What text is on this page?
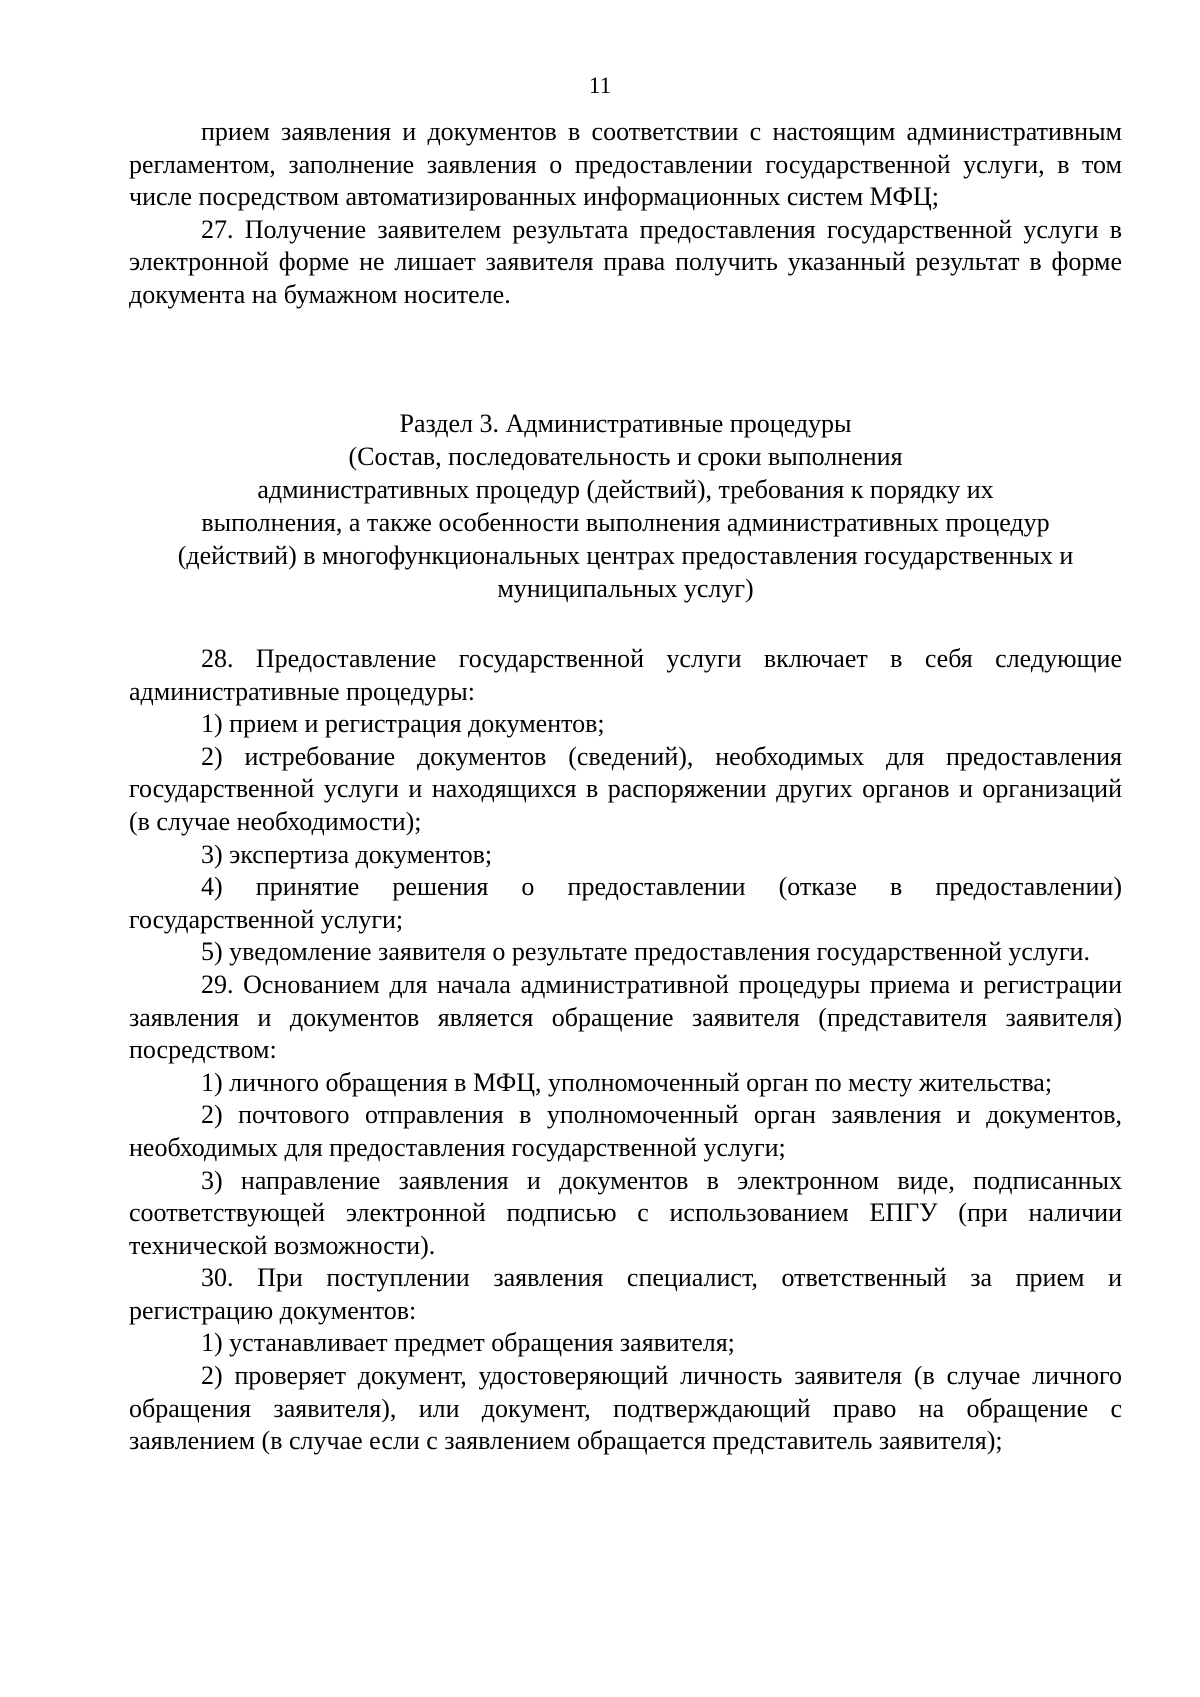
11

прием заявления и документов в соответствии с настоящим административным регламентом, заполнение заявления о предоставлении государственной услуги, в том числе посредством автоматизированных информационных систем МФЦ;

27. Получение заявителем результата предоставления государственной услуги в электронной форме не лишает заявителя права получить указанный результат в форме документа на бумажном носителе.

Раздел 3. Административные процедуры
(Состав, последовательность и сроки выполнения
административных процедур (действий), требования к порядку их
выполнения, а также особенности выполнения административных процедур
(действий) в многофункциональных центрах предоставления государственных и
муниципальных услуг)

28. Предоставление государственной услуги включает в себя следующие административные процедуры:

1) прием и регистрация документов;

2) истребование документов (сведений), необходимых для предоставления государственной услуги и находящихся в распоряжении других органов и организаций (в случае необходимости);

3) экспертиза документов;

4) принятие решения о предоставлении (отказе в предоставлении) государственной услуги;

5) уведомление заявителя о результате предоставления государственной услуги.

29. Основанием для начала административной процедуры приема и регистрации заявления и документов является обращение заявителя (представителя заявителя) посредством:

1) личного обращения в МФЦ, уполномоченный орган по месту жительства;

2) почтового отправления в уполномоченный орган заявления и документов, необходимых для предоставления государственной услуги;

3) направление заявления и документов в электронном виде, подписанных соответствующей электронной подписью с использованием ЕПГУ (при наличии технической возможности).

30. При поступлении заявления специалист, ответственный за прием и регистрацию документов:

1) устанавливает предмет обращения заявителя;

2) проверяет документ, удостоверяющий личность заявителя (в случае личного обращения заявителя), или документ, подтверждающий право на обращение с заявлением (в случае если с заявлением обращается представитель заявителя);
